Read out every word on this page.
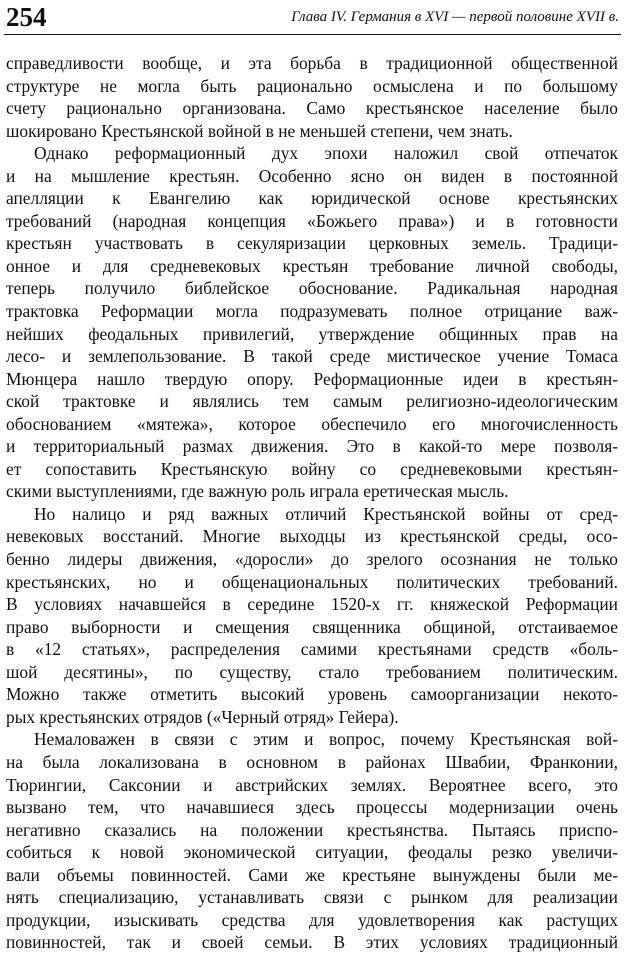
254	Глава IV. Германия в XVI — первой половине XVII в.
справедливости вообще, и эта борьба в традиционной общественной
структуре не могла быть рационально осмыслена и по большому
счету рационально организована. Само крестьянское население было
шокировано Крестьянской войной в не меньшей степени, чем знать.
Однако реформационный дух эпохи наложил свой отпечаток
и на мышление крестьян. Особенно ясно он виден в постоянной
апелляции к Евангелию как юридической основе крестьянских
требований (народная концепция «Божьего права») и в готовности
крестьян участвовать в секуляризации церковных земель. Традици-
онное и для средневековых крестьян требование личной свободы,
теперь получило библейское обоснование. Радикальная народная
трактовка Реформации могла подразумевать полное отрицание важ-
нейших феодальных привилегий, утверждение общинных прав на
лесо- и землепользование. В такой среде мистическое учение Томаса
Мюнцера нашло твердую опору. Реформационные идеи в крестьян-
ской трактовке и являлись тем самым религиозно-идеологическим
обоснованием «мятежа», которое обеспечило его многочисленность
и территориальный размах движения. Это в какой-то мере позволя-
ет сопоставить Крестьянскую войну со средневековыми крестьян-
скими выступлениями, где важную роль играла еретическая мысль.
Но налицо и ряд важных отличий Крестьянской войны от сред-
невековых восстаний. Многие выходцы из крестьянской среды, осо-
бенно лидеры движения, «доросли» до зрелого осознания не только
крестьянских, но и общенациональных политических требований.
В условиях начавшейся в середине 1520-х гг. княжеской Реформации
право выборности и смещения священника общиной, отстаиваемое
в «12 статьях», распределения самими крестьянами средств «боль-
шой десятины», по существу, стало требованием политическим.
Можно также отметить высокий уровень самоорганизации некото-
рых крестьянских отрядов («Черный отряд» Гейера).
Немаловажен в связи с этим и вопрос, почему Крестьянская вой-
на была локализована в основном в районах Швабии, Франконии,
Тюрингии, Саксонии и австрийских землях. Вероятнее всего, это
вызвано тем, что начавшиеся здесь процессы модернизации очень
негативно сказались на положении крестьянства. Пытаясь приспо-
собиться к новой экономической ситуации, феодалы резко увеличи-
вали объемы повинностей. Сами же крестьяне вынуждены были ме-
нять специализацию, устанавливать связи с рынком для реализации
продукции, изыскивать средства для удовлетворения как растущих
повинностей, так и своей семьи. В этих условиях традиционный
